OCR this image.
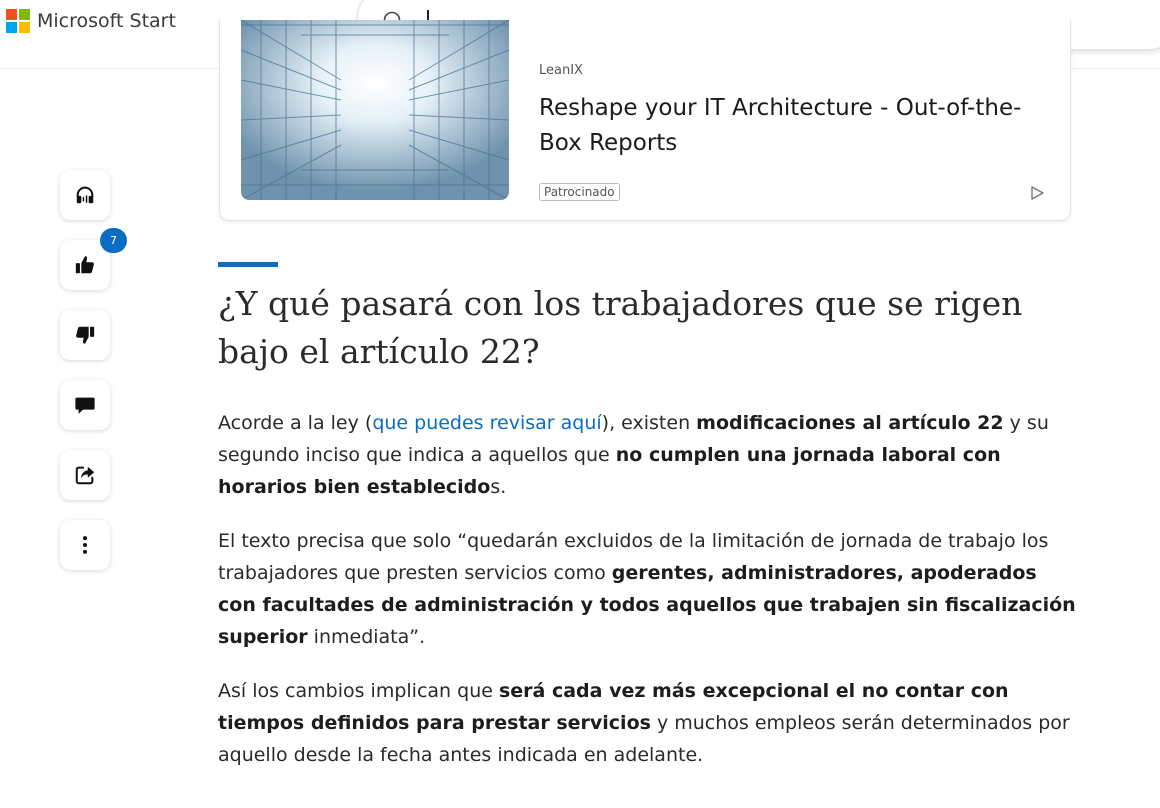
Microsoft Start
7
LeanIX
Reshape your IT Architecture - Out-of-the-Box Reports
Patrocinado
¿Y qué pasará con los trabajadores que se rigen bajo el artículo 22?

Acorde a la ley (que puedes revisar aquí), existen modificaciones al artículo 22 y su segundo inciso que indica a aquellos que no cumplen una jornada laboral con horarios bien establecidos.

El texto precisa que solo “quedarán excluidos de la limitación de jornada de trabajo los trabajadores que presten servicios como gerentes, administradores, apoderados con facultades de administración y todos aquellos que trabajen sin fiscalización superior inmediata”.

Así los cambios implican que será cada vez más excepcional el no contar con tiempos definidos para prestar servicios y muchos empleos serán determinados por aquello desde la fecha antes indicada en adelante.
